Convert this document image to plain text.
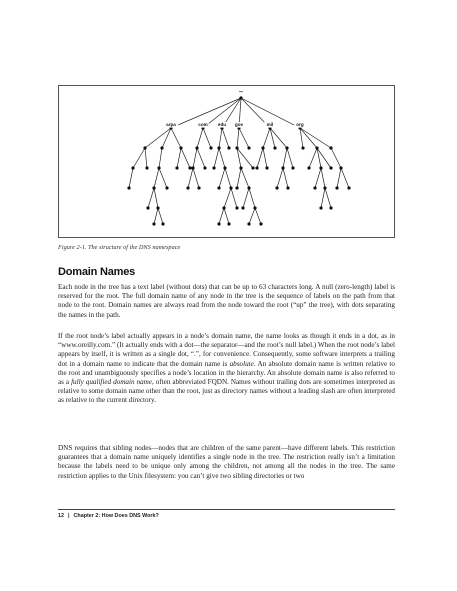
""
arpa	com edu gov	mil	org
Figure 2-1. The structure of the DNS namespace
Domain Names

Each node in the tree has a text label (without dots) that can be up to 63 characters long. A null (zero-length) label is reserved for the root. The full domain name of any node in the tree is the sequence of labels on the path from that node to the root. Domain names are always read from the node toward the root (“up” the tree), with dots separating the names in the path.

If the root node’s label actually appears in a node’s domain name, the name looks as though it ends in a dot, as in “www.oreilly.com.” (It actually ends with a dot—the separator—and the root’s null label.) When the root node’s label appears by itself, it is written as a single dot, “.”, for convenience. Consequently, some software interprets a trailing dot in a domain name to indicate that the domain name is absolute. An absolute domain name is written relative to the root and unambiguously specifies a node’s location in the hierarchy. An absolute domain name is also referred to as a fully qualified domain name, often abbreviated FQDN. Names without trailing dots are sometimes interpreted as relative to some domain name other than the root, just as directory names without a leading slash are often interpreted as relative to the current directory.

DNS requires that sibling nodes—nodes that are children of the same parent—have different labels. This restriction guarantees that a domain name uniquely identifies a single node in the tree. The restriction really isn’t a limitation because the labels need to be unique only among the children, not among all the nodes in the tree. The same restriction applies to the Unix filesystem: you can’t give two sibling directories or two

12 | Chapter 2: How Does DNS Work?
